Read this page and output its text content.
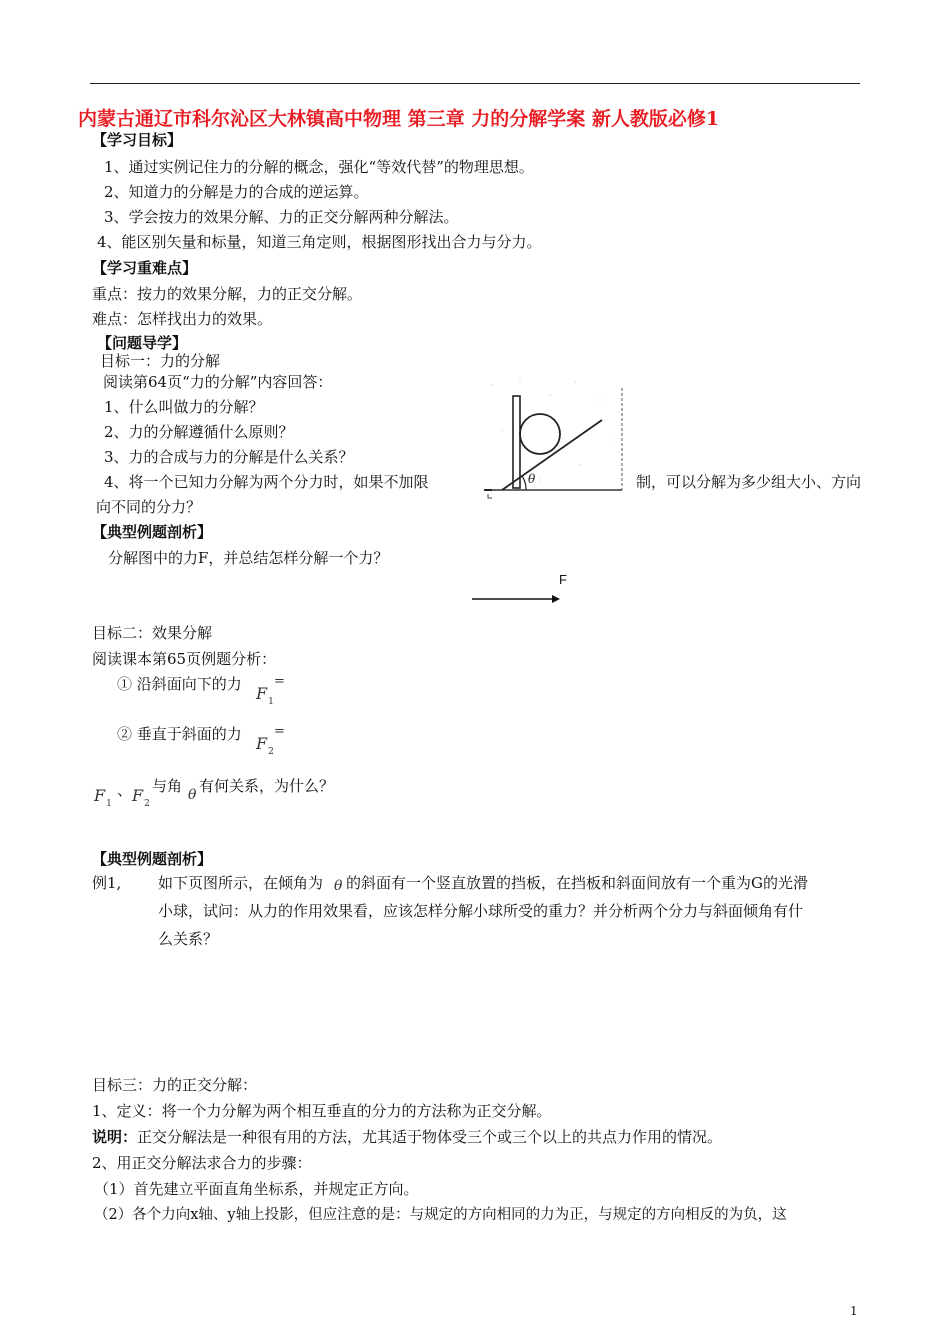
内蒙古通辽市科尔沁区大林镇高中物理 第三章 力的分解学案 新人教版必修1
【学习目标】
1、通过实例记住力的分解的概念，强化“等效代替”的物理思想。
2、知道力的分解是力的合成的逆运算。
3、学会按力的效果分解、力的正交分解两种分解法。
4、能区别矢量和标量，知道三角定则，根据图形找出合力与分力。
【学习重难点】
重点：按力的效果分解，力的正交分解。
难点：怎样找出力的效果。
【问题导学】
目标一：力的分解
阅读第64页“力的分解”内容回答：
1、什么叫做力的分解？
2、力的分解遵循什么原则？
3、力的合成与力的分解是什么关系？
4、将一个已知力分解为两个分力时，如果不加限	制，可以分解为多少组大小、方向
向不同的分力？
θ
【典型例题剖析】
分解图中的力F，并总结怎样分解一个力？
F
目标二：效果分解
阅读课本第65页例题分析：
① 沿斜面向下的力 $F_1$
=
② 垂直于斜面的力 $F_2$
=
$F_1$
、 $F_2$
与角 θ 有何关系，为什么？
【典型例题剖析】
例1, 如下页图所示，在倾角为 θ 的斜面有一个竖直放置的挡板，在挡板和斜面间放有一个重为G的光滑
小球，试问：从力的作用效果看，应该怎样分解小球所受的重力？并分析两个分力与斜面倾角有什
么关系？
目标三：力的正交分解：
1、定义：将一个力分解为两个相互垂直的分力的方法称为正交分解。
说明：正交分解法是一种很有用的方法，尤其适于物体受三个或三个以上的共点力作用的情况。
2、用正交分解法求合力的步骤：
（1）首先建立平面直角坐标系，并规定正方向。
（2）各个力向x轴、y轴上投影，但应注意的是：与规定的方向相同的力为正，与规定的方向相反的为负，这
1
